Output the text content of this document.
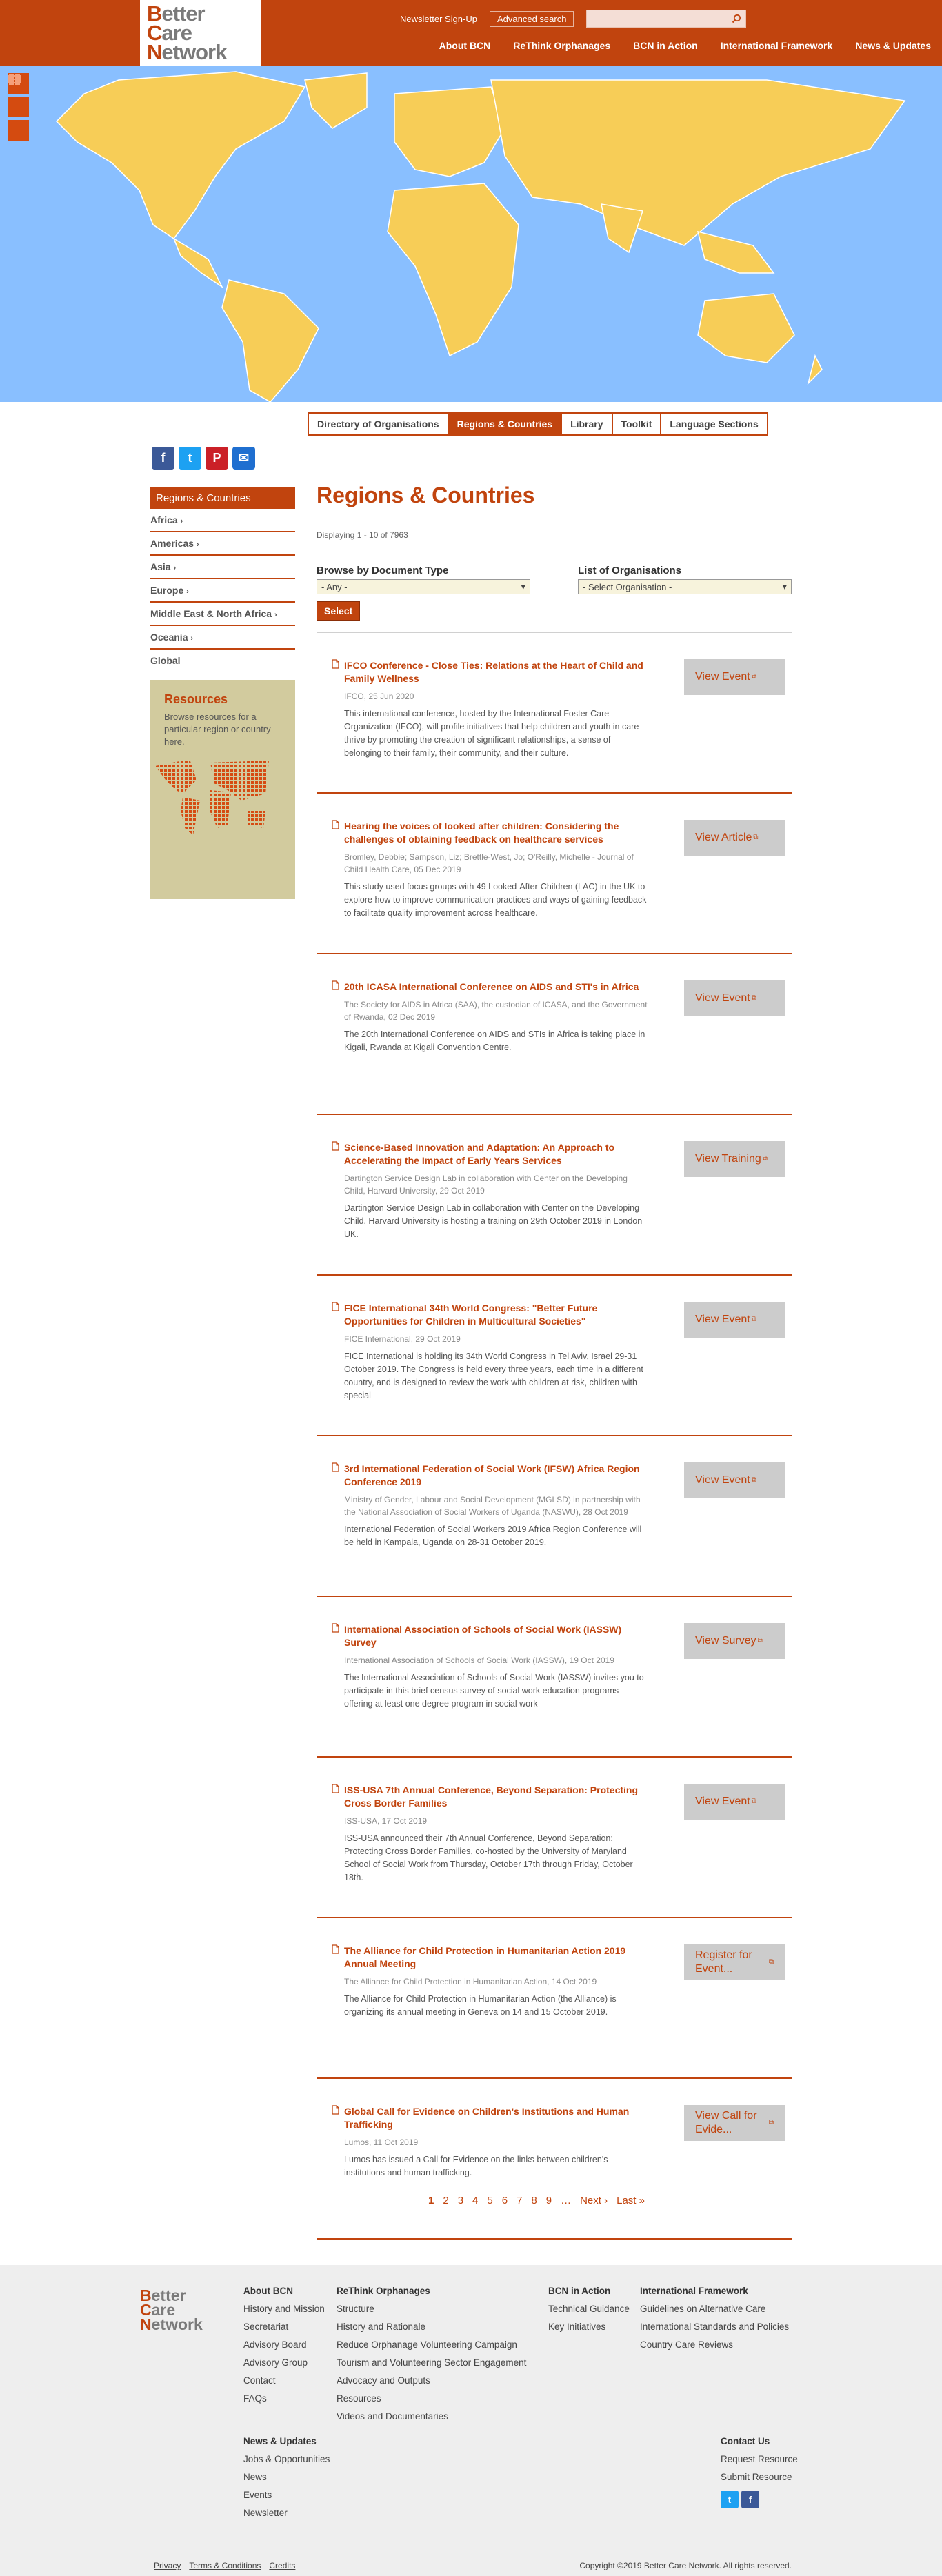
Better
Care
Network
Newsletter Sign-Up	Advanced search
About BCN ReThink Orphanages BCN in Action International Framework News & Updates
Directory of Organisations	Regions & Countries	Library	Toolkit	Language Sections
f	t	P	✉
Regions & Countries
Africa ›
Americas ›
Asia ›
Europe ›
Middle East & North Africa ›
Oceania ›
Global
Resources
Browse resources for a particular region or country here.
Regions & Countries
Displaying 1 - 10 of 7963
Browse by Document Type
- Any -	▾
List of Organisations
- Select Organisation -	▾
Select
IFCO Conference - Close Ties: Relations at the Heart of Child and Family Wellness
IFCO, 25 Jun 2020
This international conference, hosted by the International Foster Care Organization (IFCO), will profile initiatives that help children and youth in care thrive by promoting the creation of significant relationships, a sense of belonging to their family, their community, and their culture.
View Event ⧉
Hearing the voices of looked after children: Considering the challenges of obtaining feedback on healthcare services
Bromley, Debbie; Sampson, Liz; Brettle-West, Jo; O'Reilly, Michelle - Journal of Child Health Care, 05 Dec 2019
This study used focus groups with 49 Looked-After-Children (LAC) in the UK to explore how to improve communication practices and ways of gaining feedback to facilitate quality improvement across healthcare.
View Article ⧉
20th ICASA International Conference on AIDS and STI's in Africa
The Society for AIDS in Africa (SAA), the custodian of ICASA, and the Government of Rwanda, 02 Dec 2019
The 20th International Conference on AIDS and STIs in Africa is taking place in Kigali, Rwanda at Kigali Convention Centre.
View Event ⧉
Science-Based Innovation and Adaptation: An Approach to Accelerating the Impact of Early Years Services
Dartington Service Design Lab in collaboration with Center on the Developing Child, Harvard University, 29 Oct 2019
Dartington Service Design Lab in collaboration with Center on the Developing Child, Harvard University is hosting a training on 29th October 2019 in London UK.
View Training ⧉
FICE International 34th World Congress: "Better Future Opportunities for Children in Multicultural Societies"
FICE International, 29 Oct 2019
FICE International is holding its 34th World Congress in Tel Aviv, Israel 29-31 October 2019. The Congress is held every three years, each time in a different country, and is designed to review the work with children at risk, children with special
View Event ⧉
3rd International Federation of Social Work (IFSW) Africa Region Conference 2019
Ministry of Gender, Labour and Social Development (MGLSD) in partnership with the National Association of Social Workers of Uganda (NASWU), 28 Oct 2019
International Federation of Social Workers 2019 Africa Region Conference will be held in Kampala, Uganda on 28-31 October 2019.
View Event ⧉
International Association of Schools of Social Work (IASSW) Survey
International Association of Schools of Social Work (IASSW), 19 Oct 2019
The International Association of Schools of Social Work (IASSW) invites you to participate in this brief census survey of social work education programs offering at least one degree program in social work
View Survey ⧉
ISS-USA 7th Annual Conference, Beyond Separation: Protecting Cross Border Families
ISS-USA, 17 Oct 2019
ISS-USA announced their 7th Annual Conference, Beyond Separation: Protecting Cross Border Families, co-hosted by the University of Maryland School of Social Work from Thursday, October 17th through Friday, October 18th.
View Event ⧉
The Alliance for Child Protection in Humanitarian Action 2019 Annual Meeting
The Alliance for Child Protection in Humanitarian Action, 14 Oct 2019
The Alliance for Child Protection in Humanitarian Action (the Alliance) is organizing its annual meeting in Geneva on 14 and 15 October 2019.
Register for Event...
⧉
Global Call for Evidence on Children's Institutions and Human Trafficking
Lumos, 11 Oct 2019
Lumos has issued a Call for Evidence on the links between children's institutions and human trafficking.
View Call for Evide...
⧉
1 2 3 4 5 6 7 8 9 … Next › Last »
Better
Care
Network
About BCN
History and Mission
Secretariat
Advisory Board
Advisory Group
Contact
FAQs
ReThink Orphanages
Structure
History and Rationale
Reduce Orphanage Volunteering Campaign
Tourism and Volunteering Sector Engagement
Advocacy and Outputs
Resources
Videos and Documentaries
BCN in Action
Technical Guidance
Key Initiatives
International Framework
Guidelines on Alternative Care
International Standards and Policies
Country Care Reviews
News & Updates
Jobs & Opportunities
News
Events
Newsletter
Contact Us
Request Resource
Submit Resource
t	f
Privacy Terms & Conditions Credits	Copyright ©2019 Better Care Network. All rights reserved.
